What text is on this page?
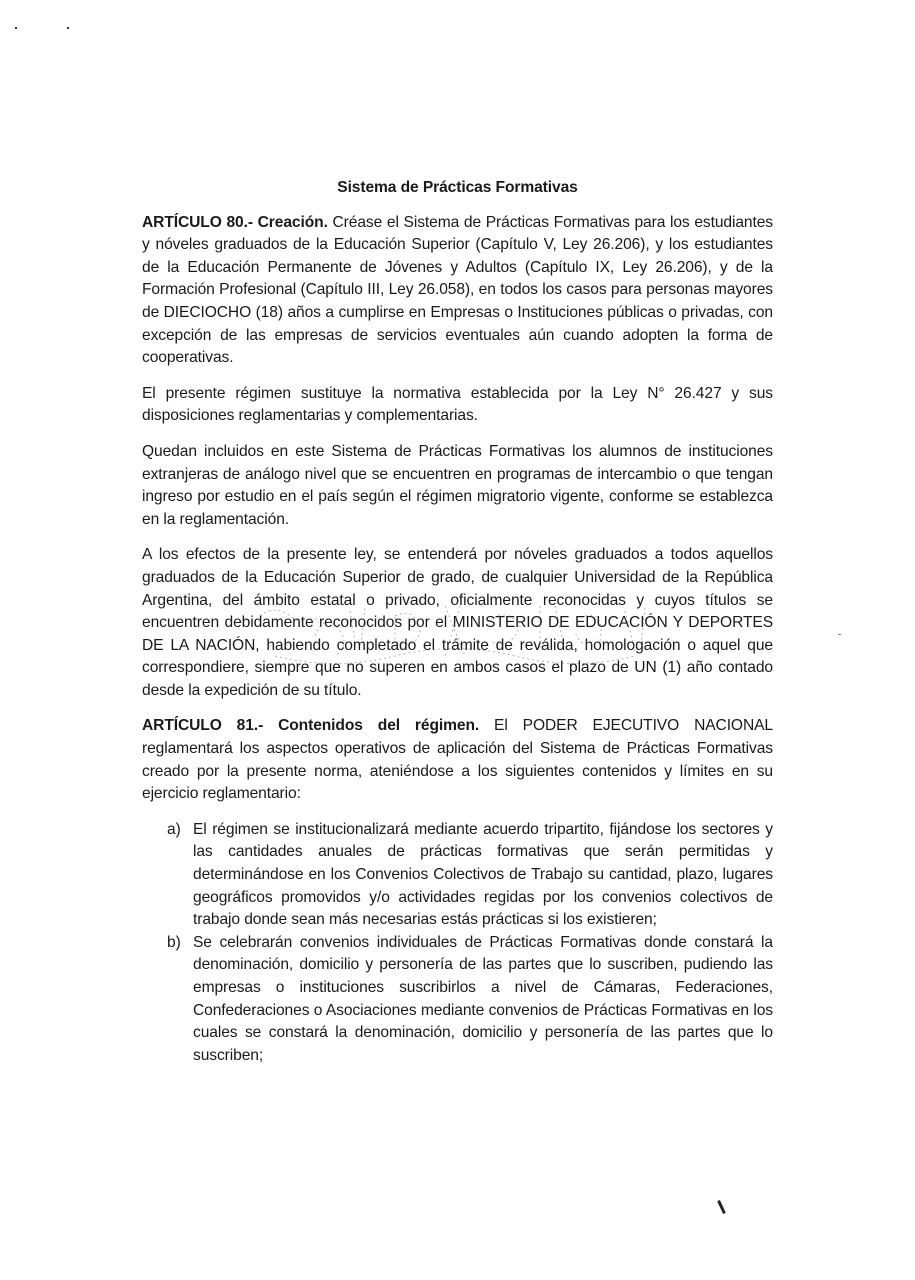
Sistema de Prácticas Formativas

ARTÍCULO 80.- Creación. Créase el Sistema de Prácticas Formativas para los estudiantes y nóveles graduados de la Educación Superior (Capítulo V, Ley 26.206), y los estudiantes de la Educación Permanente de Jóvenes y Adultos (Capítulo IX, Ley 26.206), y de la Formación Profesional (Capítulo III, Ley 26.058), en todos los casos para personas mayores de DIECIOCHO (18) años a cumplirse en Empresas o Instituciones públicas o privadas, con excepción de las empresas de servicios eventuales aún cuando adopten la forma de cooperativas.

El presente régimen sustituye la normativa establecida por la Ley N° 26.427 y sus disposiciones reglamentarias y complementarias.

Quedan incluidos en este Sistema de Prácticas Formativas los alumnos de instituciones extranjeras de análogo nivel que se encuentren en programas de intercambio o que tengan ingreso por estudio en el país según el régimen migratorio vigente, conforme se establezca en la reglamentación.

A los efectos de la presente ley, se entenderá por nóveles graduados a todos aquellos graduados de la Educación Superior de grado, de cualquier Universidad de la República Argentina, del ámbito estatal o privado, oficialmente reconocidas y cuyos títulos se encuentren debidamente reconocidos por el MINISTERIO DE EDUCACIÓN Y DEPORTES DE LA NACIÓN, habiendo completado el trámite de reválida, homologación o aquel que correspondiere, siempre que no superen en ambos casos el plazo de UN (1) año contado desde la expedición de su título.

ARTÍCULO 81.- Contenidos del régimen. El PODER EJECUTIVO NACIONAL reglamentará los aspectos operativos de aplicación del Sistema de Prácticas Formativas creado por la presente norma, ateniéndose a los siguientes contenidos y límites en su ejercicio reglamentario:

a) El régimen se institucionalizará mediante acuerdo tripartito, fijándose los sectores y las cantidades anuales de prácticas formativas que serán permitidas y determinándose en los Convenios Colectivos de Trabajo su cantidad, plazo, lugares geográficos promovidos y/o actividades regidas por los convenios colectivos de trabajo donde sean más necesarias estás prácticas si los existieren;
b) Se celebrarán convenios individuales de Prácticas Formativas donde constará la denominación, domicilio y personería de las partes que lo suscriben, pudiendo las empresas o instituciones suscribirlos a nivel de Cámaras, Federaciones, Confederaciones o Asociaciones mediante convenios de Prácticas Formativas en los cuales se constará la denominación, domicilio y personería de las partes que lo suscriben;
